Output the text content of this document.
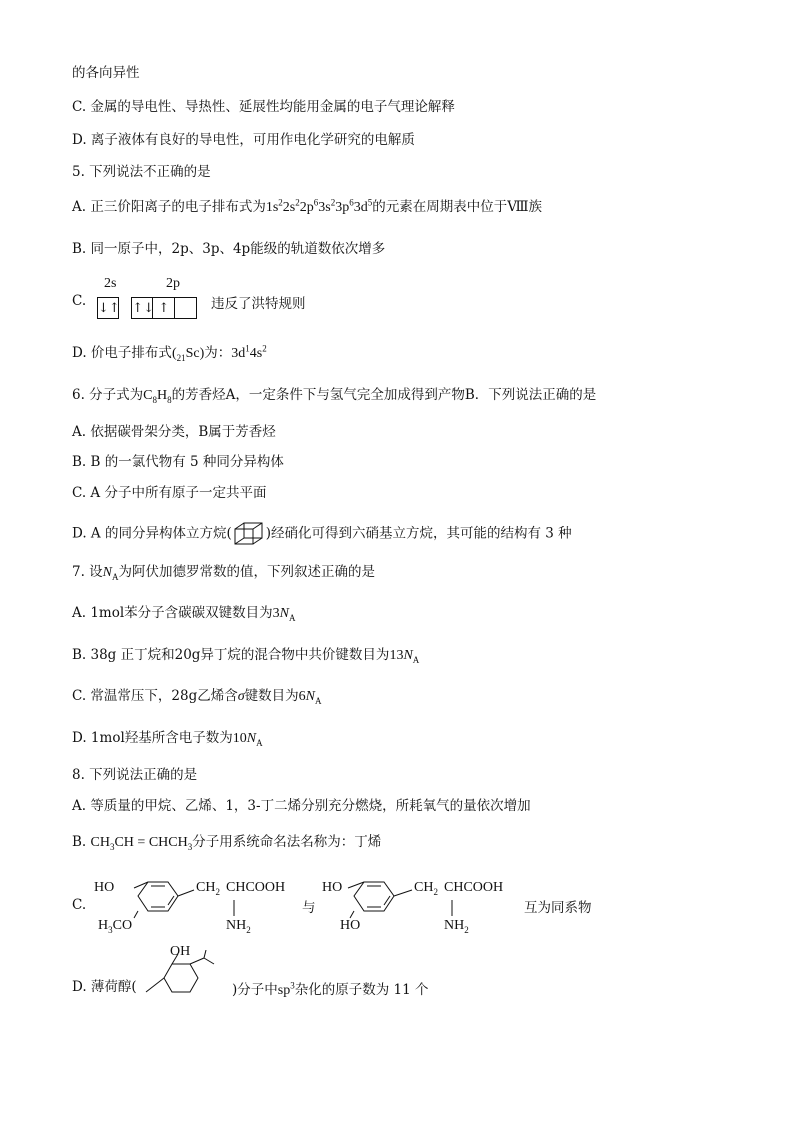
的各向异性
C. 金属的导电性、导热性、延展性均能用金属的电子气理论解释
D. 离子液体有良好的导电性，可用作电化学研究的电解质
5. 下列说法不正确的是
A. 正三价阳离子的电子排布式为$1s^22s^22p^63s^23p^63d^5$的元素在周期表中位于Ⅷ族
B. 同一原子中，2p、3p、4p能级的轨道数依次增多
C.
2s	2p
↓↑ ↑↓ ↑	违反了洪特规则
D. 价电子排布式$(_{21}Sc)$为：$3d^14s^2$
6. 分子式为$C_8H_8$的芳香烃A，一定条件下与氢气完全加成得到产物B．下列说法正确的是
A. 依据碳骨架分类，B属于芳香烃
B. B 的一氯代物有 5 种同分异构体
C. A 分子中所有原子一定共平面
D. A 的同分异构体立方烷(	)经硝化可得到六硝基立方烷，其可能的结构有 3 种
7. 设$N_A$为阿伏加德罗常数的值，下列叙述正确的是
A. 1mol苯分子含碳碳双键数目为$3N_A$
B. 38g 正丁烷和20g异丁烷的混合物中共价键数目为$13N_A$
C. 常温常压下，28g乙烯含σ键数目为$6N_A$
D. 1mol羟基所含电子数为$10N_A$
8. 下列说法正确的是
A. 等质量的甲烷、乙烯、1，3-丁二烯分别充分燃烧，所耗氧气的量依次增加
B. $CH_3CH$ = $CHCH_3$分子用系统命名法名称为：丁烯
C.
HO	$CH_2$ CHCOOH
$NH_2$
$H_3CO$
与
HO	$CH_2$ CHCOOH
$NH_2$
HO
互为同系物
D. 薄荷醇(
OH
)分子中$sp^3$杂化的原子数为 11 个
